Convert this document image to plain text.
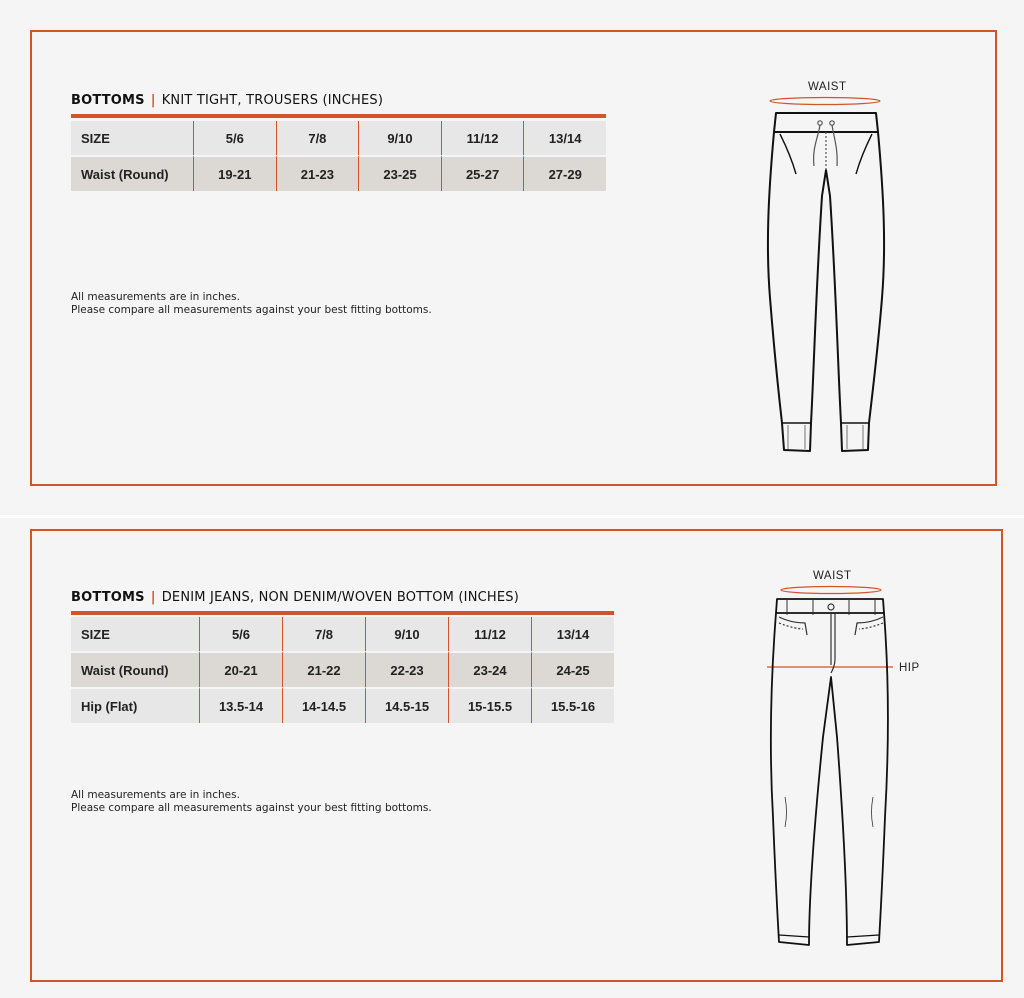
BOTTOMS | KNIT TIGHT, TROUSERS (INCHES)
SIZE	5/6	7/8	9/10	11/12	13/14
Waist (Round)	19-21	21-23	23-25	25-27	27-29
All measurements are in inches.
Please compare all measurements against your best fitting bottoms.
WAIST
BOTTOMS | DENIM JEANS, NON DENIM/WOVEN BOTTOM (INCHES)
SIZE	5/6	7/8	9/10	11/12	13/14
Waist (Round)	20-21	21-22	22-23	23-24	24-25
Hip (Flat)	13.5-14	14-14.5	14.5-15	15-15.5	15.5-16
All measurements are in inches.
Please compare all measurements against your best fitting bottoms.
WAIST
HIP
